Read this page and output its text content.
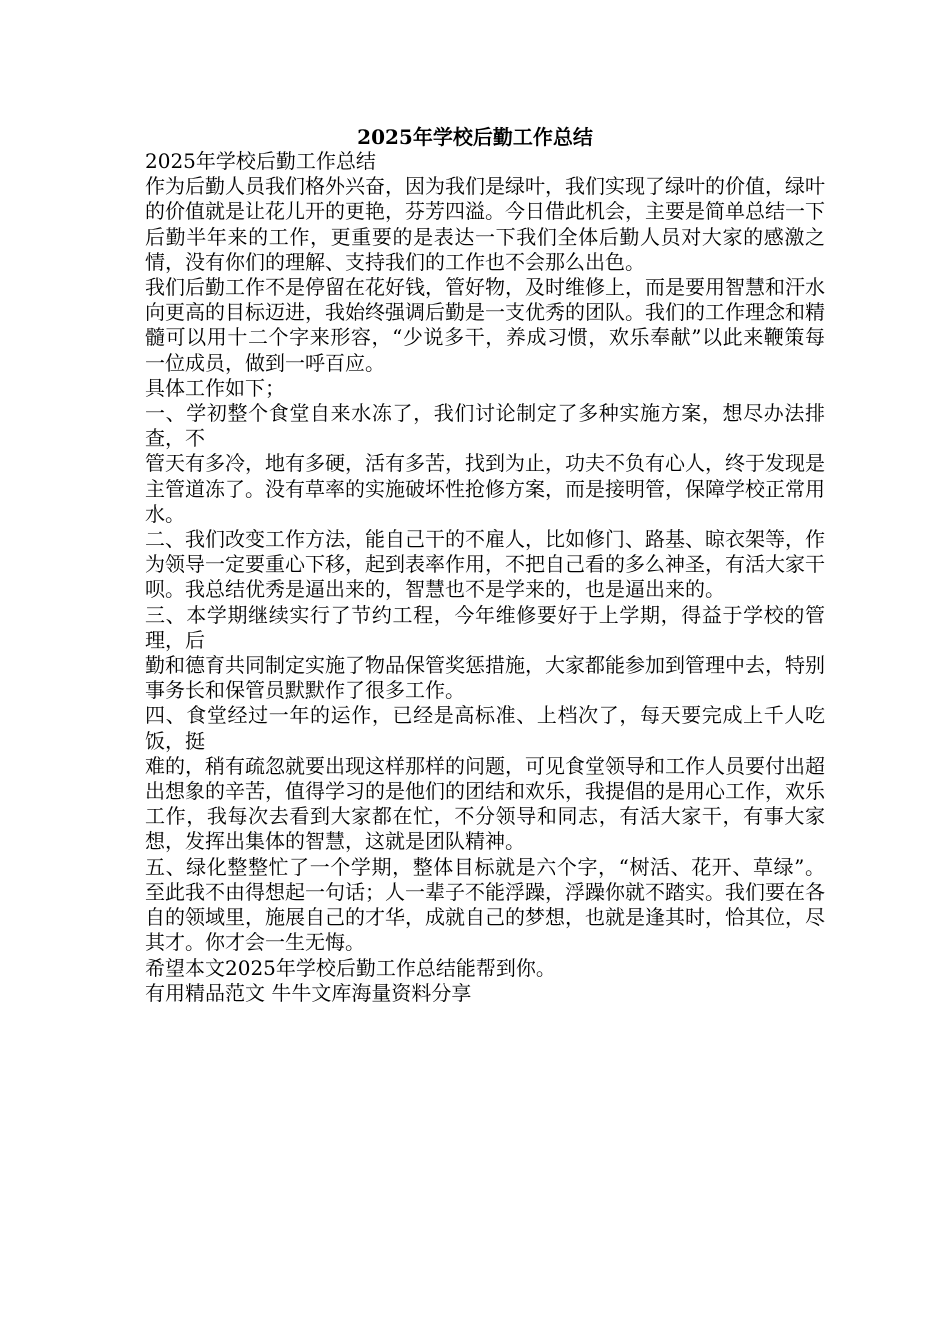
2025年学校后勤工作总结
2025年学校后勤工作总结
作为后勤人员我们格外兴奋，因为我们是绿叶，我们实现了绿叶的价值，绿叶的价值就是让花儿开的更艳，芬芳四溢。今日借此机会，主要是简单总结一下后勤半年来的工作，更重要的是表达一下我们全体后勤人员对大家的感激之情，没有你们的理解、支持我们的工作也不会那么出色。
我们后勤工作不是停留在花好钱，管好物，及时维修上，而是要用智慧和汗水向更高的目标迈进，我始终强调后勤是一支优秀的团队。我们的工作理念和精髓可以用十二个字来形容，“少说多干，养成习惯，欢乐奉献”以此来鞭策每一位成员，做到一呼百应。
具体工作如下；
一、学初整个食堂自来水冻了，我们讨论制定了多种实施方案，想尽办法排查，不
管天有多冷，地有多硬，活有多苦，找到为止，功夫不负有心人，终于发现是主管道冻了。没有草率的实施破坏性抢修方案，而是接明管，保障学校正常用水。
二、我们改变工作方法，能自己干的不雇人，比如修门、路基、晾衣架等，作
为领导一定要重心下移，起到表率作用，不把自己看的多么神圣，有活大家干呗。我总结优秀是逼出来的，智慧也不是学来的，也是逼出来的。
三、本学期继续实行了节约工程，今年维修要好于上学期，得益于学校的管理，后
勤和德育共同制定实施了物品保管奖惩措施，大家都能参加到管理中去，特别事务长和保管员默默作了很多工作。
四、食堂经过一年的运作，已经是高标准、上档次了，每天要完成上千人吃饭，挺
难的，稍有疏忽就要出现这样那样的问题，可见食堂领导和工作人员要付出超出想象的辛苦，值得学习的是他们的团结和欢乐，我提倡的是用心工作，欢乐工作，我每次去看到大家都在忙，不分领导和同志，有活大家干，有事大家想，发挥出集体的智慧，这就是团队精神。
五、绿化整整忙了一个学期，整体目标就是六个字，“树活、花开、草绿”。至此我不由得想起一句话；人一辈子不能浮躁，浮躁你就不踏实。我们要在各自的领域里，施展自己的才华，成就自己的梦想，也就是逢其时，恰其位，尽其才。你才会一生无悔。
希望本文2025年学校后勤工作总结能帮到你。
有用精品范文 牛牛文库海量资料分享
